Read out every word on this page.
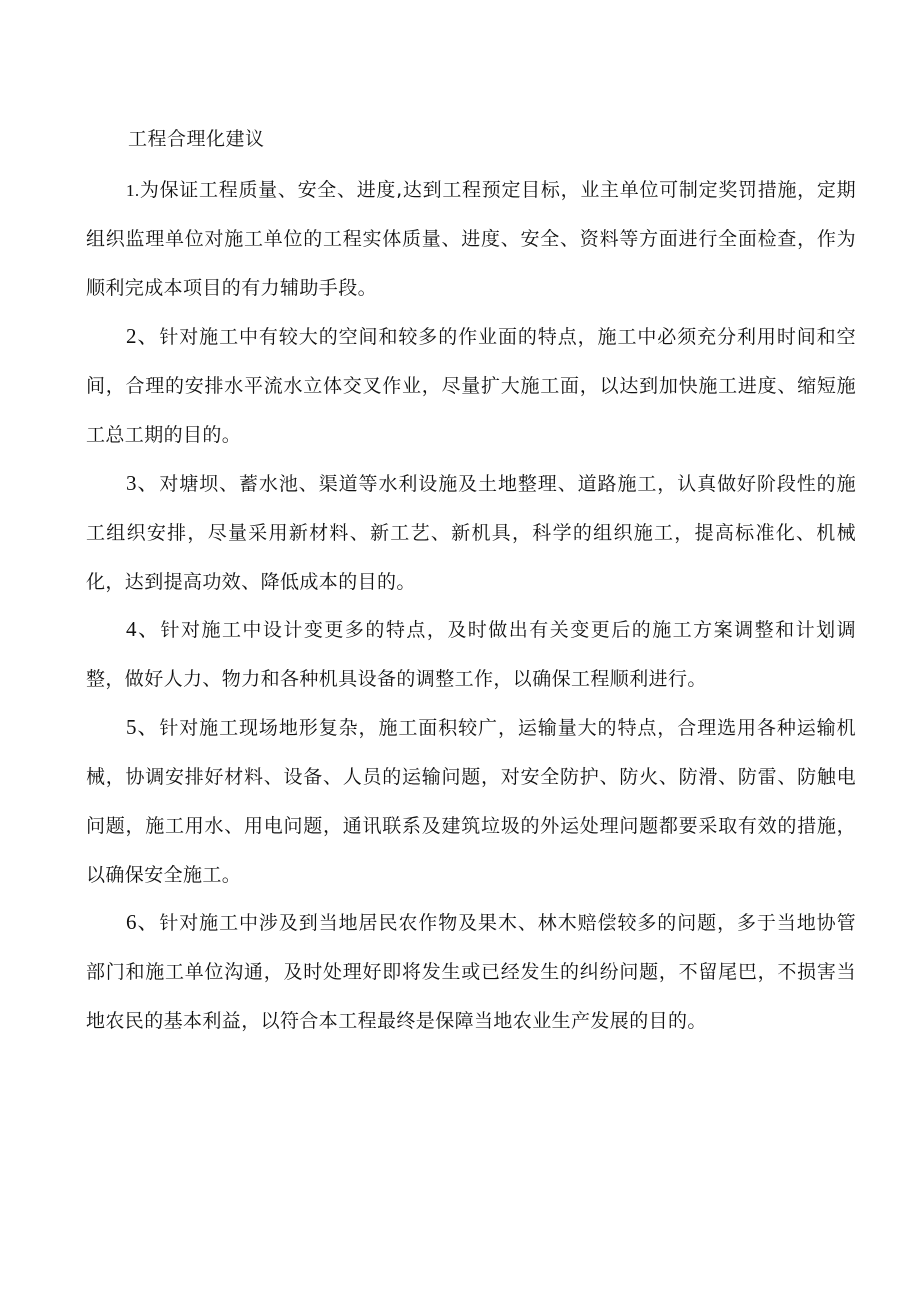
工程合理化建议

1.为保证工程质量、安全、进度,达到工程预定目标，业主单位可制定奖罚措施，定期组织监理单位对施工单位的工程实体质量、进度、安全、资料等方面进行全面检查，作为顺利完成本项目的有力辅助手段。

2、针对施工中有较大的空间和较多的作业面的特点，施工中必须充分利用时间和空间，合理的安排水平流水立体交叉作业，尽量扩大施工面，以达到加快施工进度、缩短施工总工期的目的。

3、对塘坝、蓄水池、渠道等水利设施及土地整理、道路施工，认真做好阶段性的施工组织安排，尽量采用新材料、新工艺、新机具，科学的组织施工，提高标准化、机械化，达到提高功效、降低成本的目的。

4、针对施工中设计变更多的特点，及时做出有关变更后的施工方案调整和计划调整，做好人力、物力和各种机具设备的调整工作，以确保工程顺利进行。

5、针对施工现场地形复杂，施工面积较广，运输量大的特点，合理选用各种运输机械，协调安排好材料、设备、人员的运输问题，对安全防护、防火、防滑、防雷、防触电问题，施工用水、用电问题，通讯联系及建筑垃圾的外运处理问题都要采取有效的措施，以确保安全施工。

6、针对施工中涉及到当地居民农作物及果木、林木赔偿较多的问题，多于当地协管部门和施工单位沟通，及时处理好即将发生或已经发生的纠纷问题，不留尾巴，不损害当地农民的基本利益，以符合本工程最终是保障当地农业生产发展的目的。
